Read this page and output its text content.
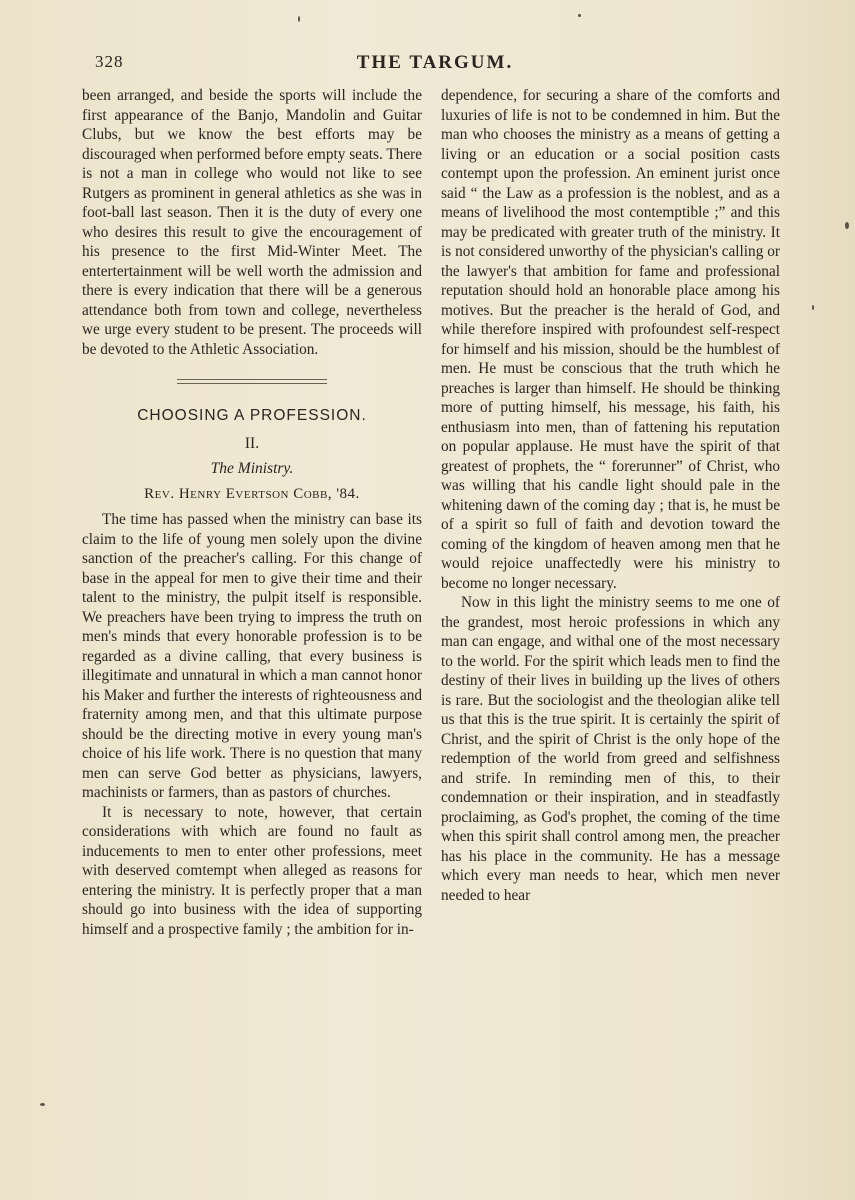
328	THE TARGUM.

been arranged, and beside the sports will include the first appearance of the Banjo, Mandolin and Guitar Clubs, but we know the best efforts may be discouraged when performed before empty seats. There is not a man in college who would not like to see Rutgers as prominent in general athletics as she was in foot-ball last season. Then it is the duty of every one who desires this result to give the encouragement of his presence to the first Mid-Winter Meet. The entertertainment will be well worth the admission and there is every indication that there will be a generous attendance both from town and college, nevertheless we urge every student to be present. The proceeds will be devoted to the Athletic Association.

CHOOSING A PROFESSION.
II.
The Ministry.
Rev. Henry Evertson Cobb, '84.

The time has passed when the ministry can base its claim to the life of young men solely upon the divine sanction of the preacher's calling. For this change of base in the appeal for men to give their time and their talent to the ministry, the pulpit itself is responsible. We preachers have been trying to impress the truth on men's minds that every honorable profession is to be regarded as a divine calling, that every business is illegitimate and unnatural in which a man cannot honor his Maker and further the interests of righteousness and fraternity among men, and that this ultimate purpose should be the directing motive in every young man's choice of his life work. There is no question that many men can serve God better as physicians, lawyers, machinists or farmers, than as pastors of churches.

It is necessary to note, however, that certain considerations with which are found no fault as inducements to men to enter other professions, meet with deserved comtempt when alleged as reasons for entering the ministry. It is perfectly proper that a man should go into business with the idea of supporting himself and a prospective family ; the ambition for in-

dependence, for securing a share of the comforts and luxuries of life is not to be condemned in him. But the man who chooses the ministry as a means of getting a living or an education or a social position casts contempt upon the profession. An eminent jurist once said “ the Law as a profession is the noblest, and as a means of livelihood the most contemptible ;” and this may be predicated with greater truth of the ministry. It is not considered unworthy of the physician's calling or the lawyer's that ambition for fame and professional reputation should hold an honorable place among his motives. But the preacher is the herald of God, and while therefore inspired with profoundest self-respect for himself and his mission, should be the humblest of men. He must be conscious that the truth which he preaches is larger than himself. He should be thinking more of putting himself, his message, his faith, his enthusiasm into men, than of fattening his reputation on popular applause. He must have the spirit of that greatest of prophets, the “ forerunner” of Christ, who was willing that his candle light should pale in the whitening dawn of the coming day ; that is, he must be of a spirit so full of faith and devotion toward the coming of the kingdom of heaven among men that he would rejoice unaffectedly were his ministry to become no longer necessary.

Now in this light the ministry seems to me one of the grandest, most heroic professions in which any man can engage, and withal one of the most necessary to the world. For the spirit which leads men to find the destiny of their lives in building up the lives of others is rare. But the sociologist and the theologian alike tell us that this is the true spirit. It is certainly the spirit of Christ, and the spirit of Christ is the only hope of the redemption of the world from greed and selfishness and strife. In reminding men of this, to their condemnation or their inspiration, and in steadfastly proclaiming, as God's prophet, the coming of the time when this spirit shall control among men, the preacher has his place in the community. He has a message which every man needs to hear, which men never needed to hear
